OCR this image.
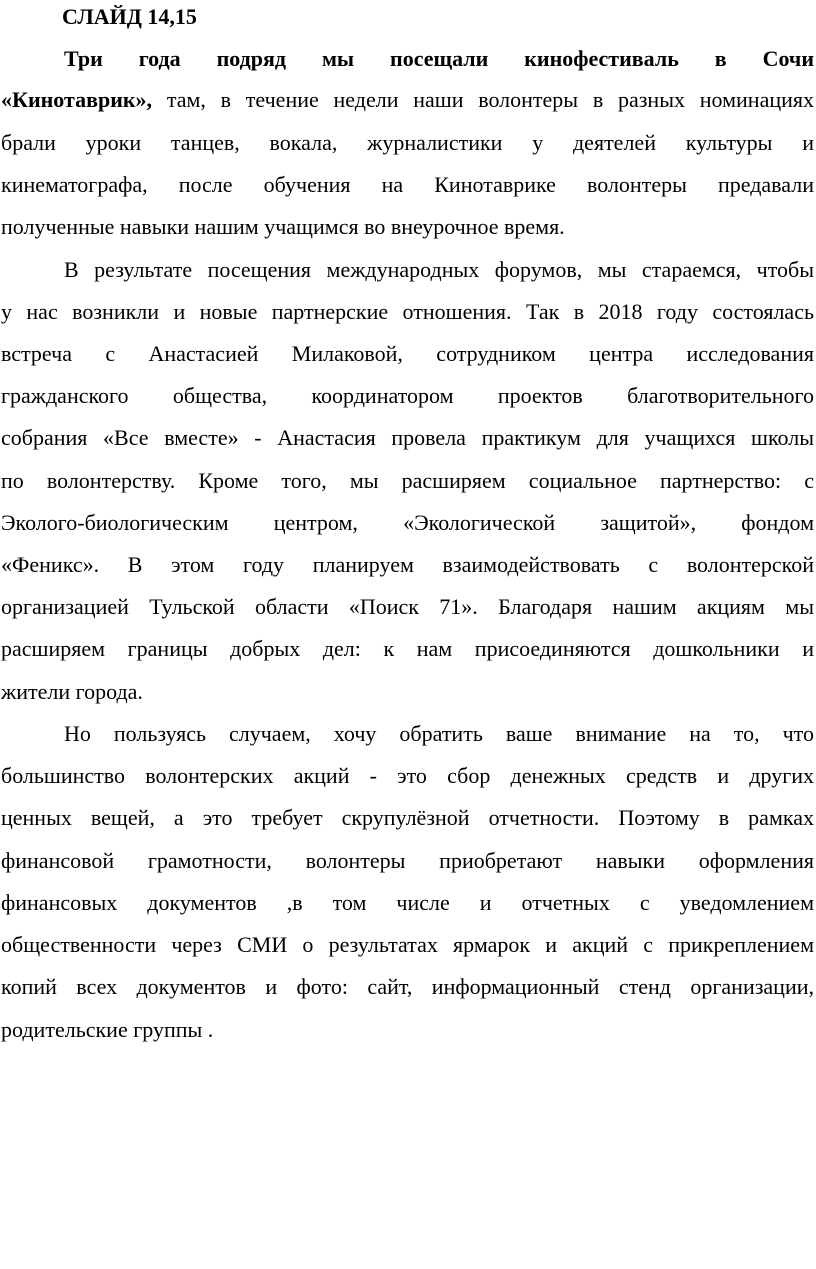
СЛАЙД 14,15
Три года подряд мы посещали кинофестиваль в Сочи
«Кинотаврик», там, в течение недели наши волонтеры в разных номинациях
брали уроки танцев, вокала, журналистики у деятелей культуры и
кинематографа, после обучения на Кинотаврике волонтеры предавали
полученные навыки нашим учащимся во внеурочное время.
В результате посещения международных форумов, мы стараемся, чтобы
у нас возникли и новые партнерские отношения. Так в 2018 году состоялась
встреча с Анастасией Милаковой, сотрудником центра исследования
гражданского общества, координатором проектов благотворительного
собрания «Все вместе» - Анастасия провела практикум для учащихся школы
по волонтерству. Кроме того, мы расширяем социальное партнерство: с
Эколого-биологическим центром, «Экологической защитой», фондом
«Феникс». В этом году планируем взаимодействовать с волонтерской
организацией Тульской области «Поиск 71». Благодаря нашим акциям мы
расширяем границы добрых дел: к нам присоединяются дошкольники и
жители города.
Но пользуясь случаем, хочу обратить ваше внимание на то, что
большинство волонтерских акций - это сбор денежных средств и других
ценных вещей, а это требует скрупулёзной отчетности. Поэтому в рамках
финансовой грамотности, волонтеры приобретают навыки оформления
финансовых документов ,в том числе и отчетных с уведомлением
общественности через СМИ о результатах ярмарок и акций с прикреплением
копий всех документов и фото: сайт, информационный стенд организации,
родительские группы .
